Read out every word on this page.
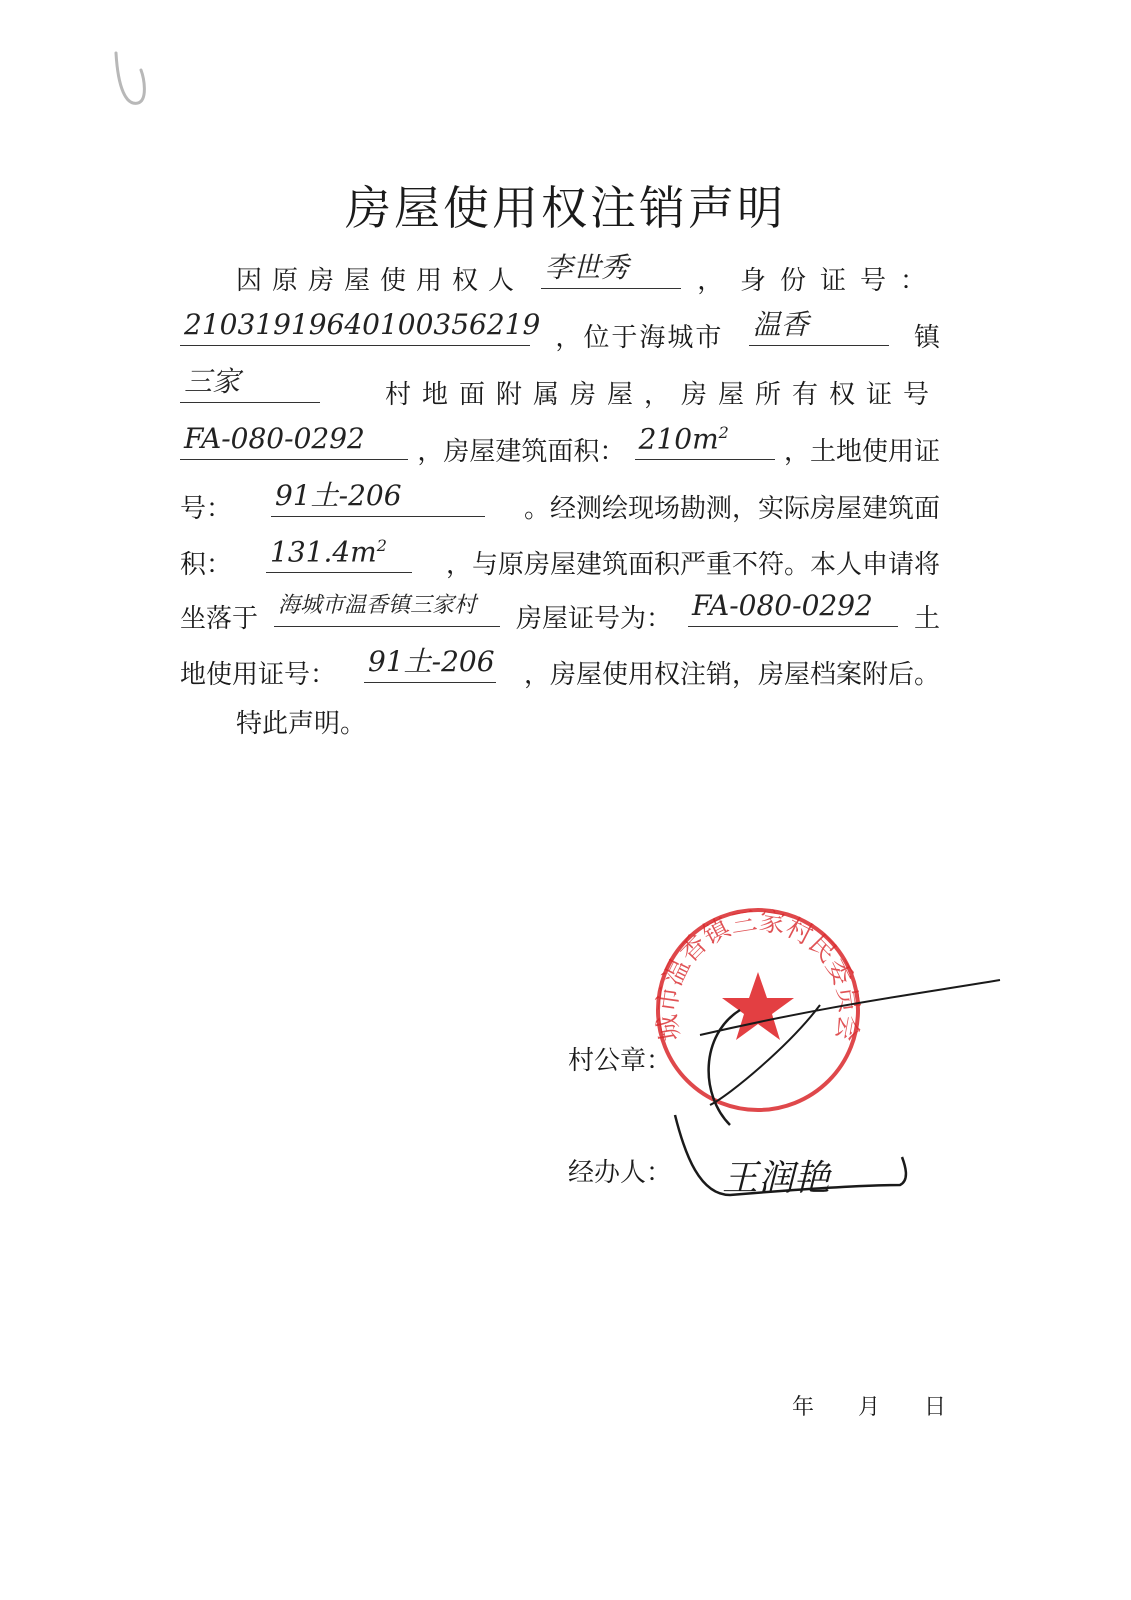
房屋使用权注销声明
因原房屋使用权人 李世秀	， 身份证号：
21031919640100356219 ，位于海城市 温香	镇
三家	村地面附属房屋，房屋所有权证号
FA-080-0292 ，房屋建筑面积： $210m^2$
，土地使用证
号： 91土-206	。经测绘现场勘测，实际房屋建筑面
积： $131.4m^2$
，与原房屋建筑面积严重不符。本人申请将
坐落于 海城市温香镇三家村 房屋证号为： FA-080-0292 土
地使用证号： 91土-206 ，房屋使用权注销，房屋档案附后。
特此声明。
村公章：
经办人：
城市温香镇三家村民委员会
王润艳
年 月 日
